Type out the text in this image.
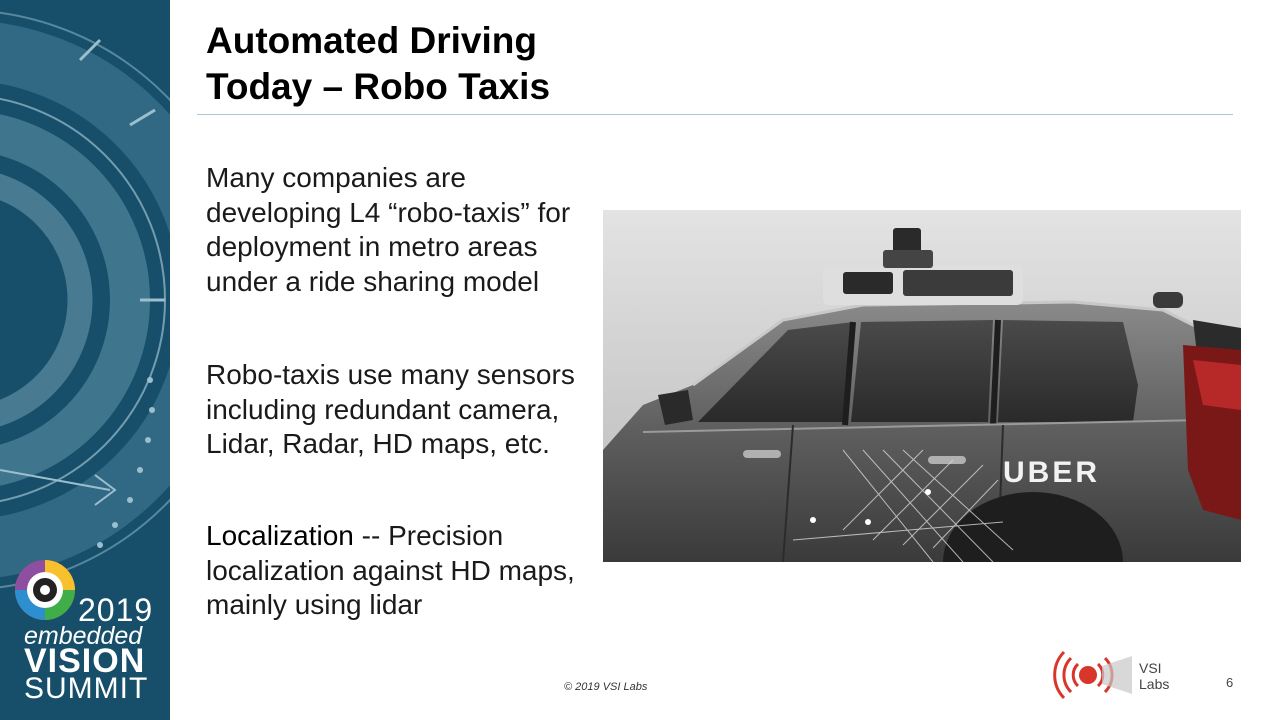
2019
embedded
VISION
SUMMIT
Automated Driving
Today – Robo Taxis
Many companies are developing L4 “robo-taxis” for deployment in metro areas under a ride sharing model
Robo-taxis use many sensors including redundant camera, Lidar, Radar, HD maps, etc.
Localization -- Precision localization against HD maps, mainly using lidar
UBER
© 2019 VSI Labs
VSI
Labs	6
